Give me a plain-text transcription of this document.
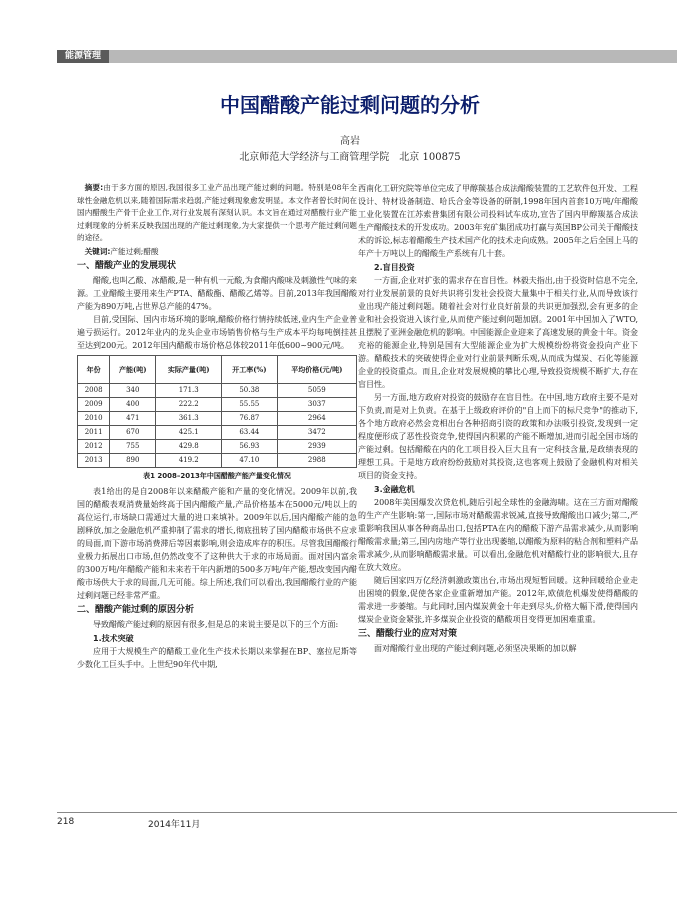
能源管理
中国醋酸产能过剩问题的分析
高岩
北京师范大学经济与工商管理学院　北京 100875

摘要:由于多方面的原因,我国很多工业产品出现产能过剩的问题。特别是08年全球性金融危机以来,随着国际需求趋弱,产能过剩现象愈发明显。本文作者曾长时间在国内醋酸生产骨干企业工作,对行业发展有深刻认识。本文旨在通过对醋酸行业产能过剩现象的分析来反映我国出现的产能过剩现象,为大家提供一个思考产能过剩问题的途径。

关键词:产能过剩;醋酸

一、醋酸产业的发展现状

醋酸,也叫乙酸、冰醋酸,是一种有机一元酸,为食醋内酸味及刺激性气味的来源。工业醋酸主要用来生产PTA、醋酸酯、醋酸乙烯等。目前,2013年我国醋酸产能为890万吨,占世界总产能的47%。

目前,受国际、国内市场环境的影响,醋酸价格行情持续低迷,业内生产企业普遍亏损运行。2012年业内的龙头企业市场销售价格与生产成本平均每吨倒挂甚至达到200元。2012年国内醋酸市场价格总体较2011年低600~900元/吨。

年份	产能(吨)	实际产量(吨)	开工率(%)	平均价格(元/吨)
2008	340	171.3	50.38	5059
2009	400	222.2	55.55	3037
2010	471	361.3	76.87	2964
2011	670	425.1	63.44	3472
2012	755	429.8	56.93	2939
2013	890	419.2	47.10	2988
表1 2008–2013年中国醋酸产能产量变化情况

表1给出的是自2008年以来醋酸产能和产量的变化情况。2009年以前,我国的醋酸表观消费量始终高于国内醋酸产量,产品价格基本在5000元/吨以上的高位运行,市场缺口需通过大量的进口来填补。2009年以后,国内醋酸产能的急剧释放,加之金融危机严重抑制了需求的增长,彻底扭转了国内醋酸市场供不应求的局面,而下游市场消费滞后等因素影响,则会造成库存的积压。尽管我国醋酸行业极力拓展出口市场,但仍然改变不了这种供大于求的市场局面。面对国内富余的300万吨/年醋酸产能和未来若干年内新增的500多万吨/年产能,想改变国内醋酸市场供大于求的局面,几无可能。综上所述,我们可以看出,我国醋酸行业的产能过剩问题已经非常严重。

二、醋酸产能过剩的原因分析

导致醋酸产能过剩的原因有很多,但是总的来说主要是以下的三个方面:

1.技术突破

应用于大规模生产的醋酸工业化生产技术长期以来掌握在BP、塞拉尼斯等少数化工巨头手中。上世纪90年代中期,

西南化工研究院等单位完成了甲醇羰基合成法醋酸装置的工艺软件包开发、工程设计、特材设备制造、哈氏合金等设备的研制,1998年国内首套10万吨/年醋酸工业化装置在江苏索普集团有限公司投料试车成功,宣告了国内甲醇羰基合成法生产醋酸技术的开发成功。2003年兖矿集团成功打赢与英国BP公司关于醋酸技术的诉讼,标志着醋酸生产技术国产化的技术走向成熟。2005年之后全国上马的年产十万吨以上的醋酸生产系统有几十套。

2.盲目投资

一方面,企业对扩张的需求存在盲目性。林毅夫指出,由于投资时信息不完全,对行业发展前景的良好共识将引发社会投资大量集中于相关行业,从而导致该行业出现产能过剩问题。随着社会对行业良好前景的共识更加强烈,会有更多的企业和社会投资进入该行业,从而使产能过剩问题加剧。2001年中国加入了WTO,且摆脱了亚洲金融危机的影响。中国能源企业迎来了高速发展的黄金十年。资金充裕的能源企业,特别是国有大型能源企业为扩大规模纷纷将资金投向产业下游。醋酸技术的突破使得企业对行业前景判断乐观,从而成为煤炭、石化等能源企业的投资重点。而且,企业对发展规模的攀比心理,导致投资规模不断扩大,存在盲目性。

另一方面,地方政府对投资的鼓励存在盲目性。在中国,地方政府主要不是对下负责,而是对上负责。在基于上级政府评价的"自上而下的标尺竞争"的推动下,各个地方政府必然会竞相出台各种招商引资的政策和办法吸引投资,发现到一定程度便形成了恶性投资竞争,使得国内积累的产能不断增加,进而引起全国市场的产能过剩。包括醋酸在内的化工项目投入巨大且有一定科技含量,是政绩表现的理想工具。于是地方政府纷纷鼓励对其投资,这也客观上鼓励了金融机构对相关项目的资金支持。

3.金融危机

2008年美国爆发次贷危机,随后引起全球性的金融海啸。这在三方面对醋酸的生产产生影响:第一,国际市场对醋酸需求锐减,直接导致醋酸出口减少;第二,严重影响我国从事各种商品出口,包括PTA在内的醋酸下游产品需求减少,从而影响醋酸需求量;第三,国内房地产等行业出现萎缩,以醋酸为原料的粘合剂和塑料产品需求减少,从而影响醋酸需求量。可以看出,金融危机对醋酸行业的影响很大,且存在放大效应。

随后国家四万亿经济刺激政策出台,市场出现短暂回暖。这种回暖给企业走出困境的假象,促使各家企业重新增加产能。2012年,欧债危机爆发使得醋酸的需求进一步萎缩。与此同时,国内煤炭黄金十年走到尽头,价格大幅下滑,使得国内煤炭企业资金紧张,许多煤炭企业投资的醋酸项目变得更加困难重重。

三、醋酸行业的应对对策

面对醋酸行业出现的产能过剩问题,必须坚决果断的加以解

218	2014年11月
